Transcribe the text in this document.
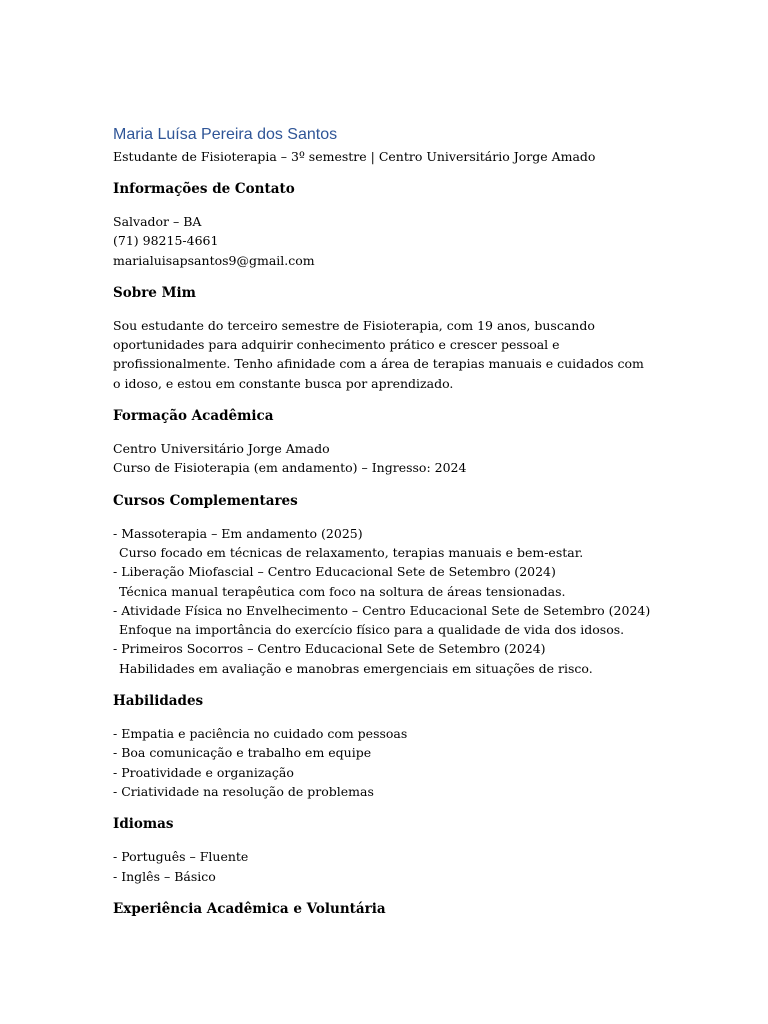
Maria Luísa Pereira dos Santos

Estudante de Fisioterapia – 3º semestre | Centro Universitário Jorge Amado

Informações de Contato

Salvador – BA

(71) 98215-4661

marialuisapsantos9@gmail.com

Sobre Mim

Sou estudante do terceiro semestre de Fisioterapia, com 19 anos, buscando oportunidades para adquirir conhecimento prático e crescer pessoal e profissionalmente. Tenho afinidade com a área de terapias manuais e cuidados com o idoso, e estou em constante busca por aprendizado.

Formação Acadêmica

Centro Universitário Jorge Amado

Curso de Fisioterapia (em andamento) – Ingresso: 2024

Cursos Complementares

- Massoterapia – Em andamento (2025)

Curso focado em técnicas de relaxamento, terapias manuais e bem-estar.

- Liberação Miofascial – Centro Educacional Sete de Setembro (2024)

Técnica manual terapêutica com foco na soltura de áreas tensionadas.

- Atividade Física no Envelhecimento – Centro Educacional Sete de Setembro (2024)

Enfoque na importância do exercício físico para a qualidade de vida dos idosos.

- Primeiros Socorros – Centro Educacional Sete de Setembro (2024)

Habilidades em avaliação e manobras emergenciais em situações de risco.

Habilidades

- Empatia e paciência no cuidado com pessoas

- Boa comunicação e trabalho em equipe

- Proatividade e organização

- Criatividade na resolução de problemas

Idiomas

- Português – Fluente

- Inglês – Básico

Experiência Acadêmica e Voluntária
